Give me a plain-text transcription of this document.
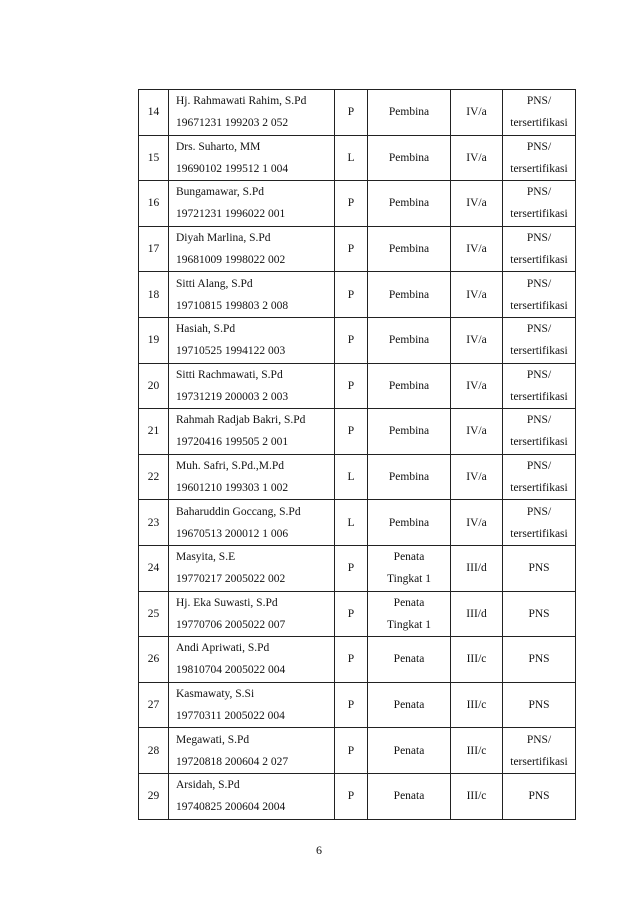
14	Hj. Rahmawati Rahim, S.Pd
19671231 199203 2 052	P	Pembina	IV/a	PNS/
tersertifikasi

15	Drs. Suharto, MM
19690102 199512 1 004	L	Pembina	IV/a	PNS/
tersertifikasi

16	Bungamawar, S.Pd
19721231 1996022 001	P	Pembina	IV/a	PNS/
tersertifikasi

17	Diyah Marlina, S.Pd
19681009 1998022 002	P	Pembina	IV/a	PNS/
tersertifikasi

18	Sitti Alang, S.Pd
19710815 199803 2 008	P	Pembina	IV/a	PNS/
tersertifikasi

19	Hasiah, S.Pd
19710525 1994122 003	P	Pembina	IV/a	PNS/
tersertifikasi

20	Sitti Rachmawati, S.Pd
19731219 200003 2 003	P	Pembina	IV/a	PNS/
tersertifikasi

21	Rahmah Radjab Bakri, S.Pd
19720416 199505 2 001	P	Pembina	IV/a	PNS/
tersertifikasi

22	Muh. Safri, S.Pd.,M.Pd
19601210 199303 1 002	L	Pembina	IV/a	PNS/
tersertifikasi

23	Baharuddin Goccang, S.Pd
19670513 200012 1 006	L	Pembina	IV/a	PNS/
tersertifikasi

24	Masyita, S.E
19770217 2005022 002	P	Penata
Tingkat 1	III/d	PNS

25	Hj. Eka Suwasti, S.Pd
19770706 2005022 007	P	Penata
Tingkat 1	III/d	PNS

26	Andi Apriwati, S.Pd
19810704 2005022 004	P	Penata	III/c	PNS

27	Kasmawaty, S.Si
19770311 2005022 004	P	Penata	III/c	PNS

28	Megawati, S.Pd
19720818 200604 2 027	P	Penata	III/c	PNS/
tersertifikasi

29	Arsidah, S.Pd
19740825 200604 2004	P	Penata	III/c	PNS
6
